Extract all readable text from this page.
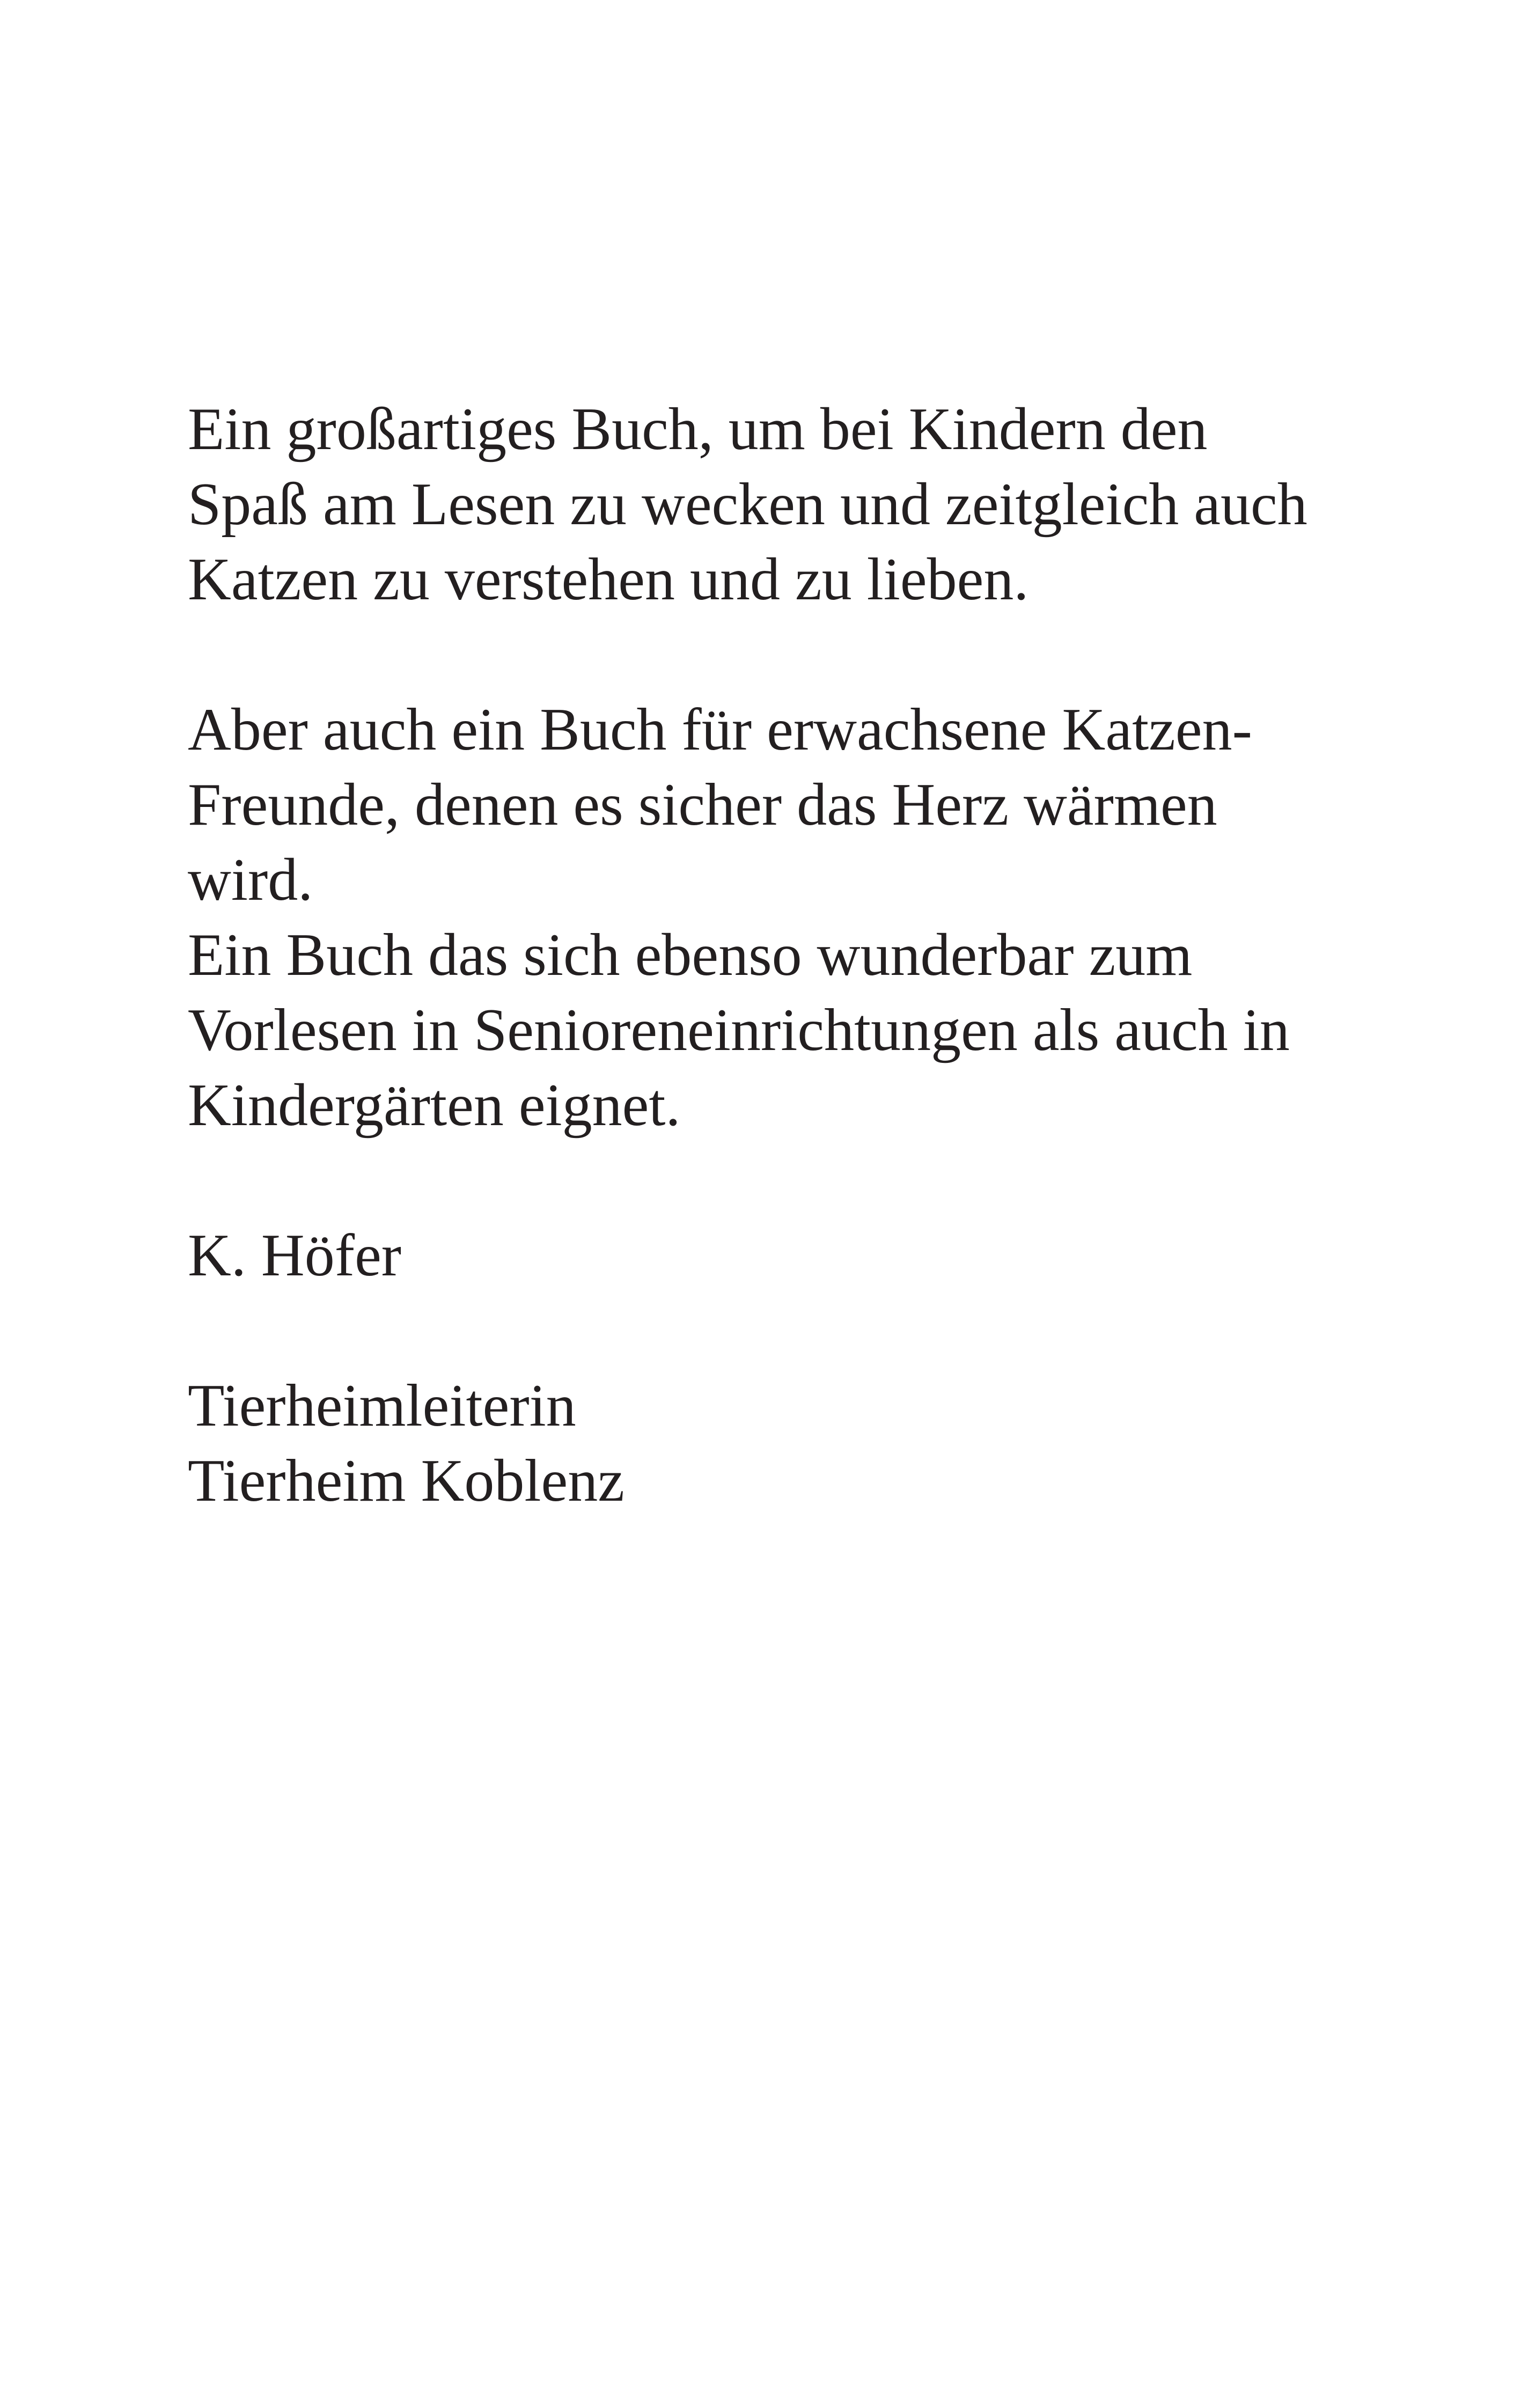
Ein großartiges Buch, um bei Kindern den
Spaß am Lesen zu wecken und zeitgleich auch
Katzen zu verstehen und zu lieben.
Aber auch ein Buch für erwachsene Katzen-
Freunde, denen es sicher das Herz wärmen
wird.
Ein Buch das sich ebenso wunderbar zum
Vorlesen in Senioreneinrichtungen als auch in
Kindergärten eignet.
K. Höfer
Tierheimleiterin
Tierheim Koblenz
